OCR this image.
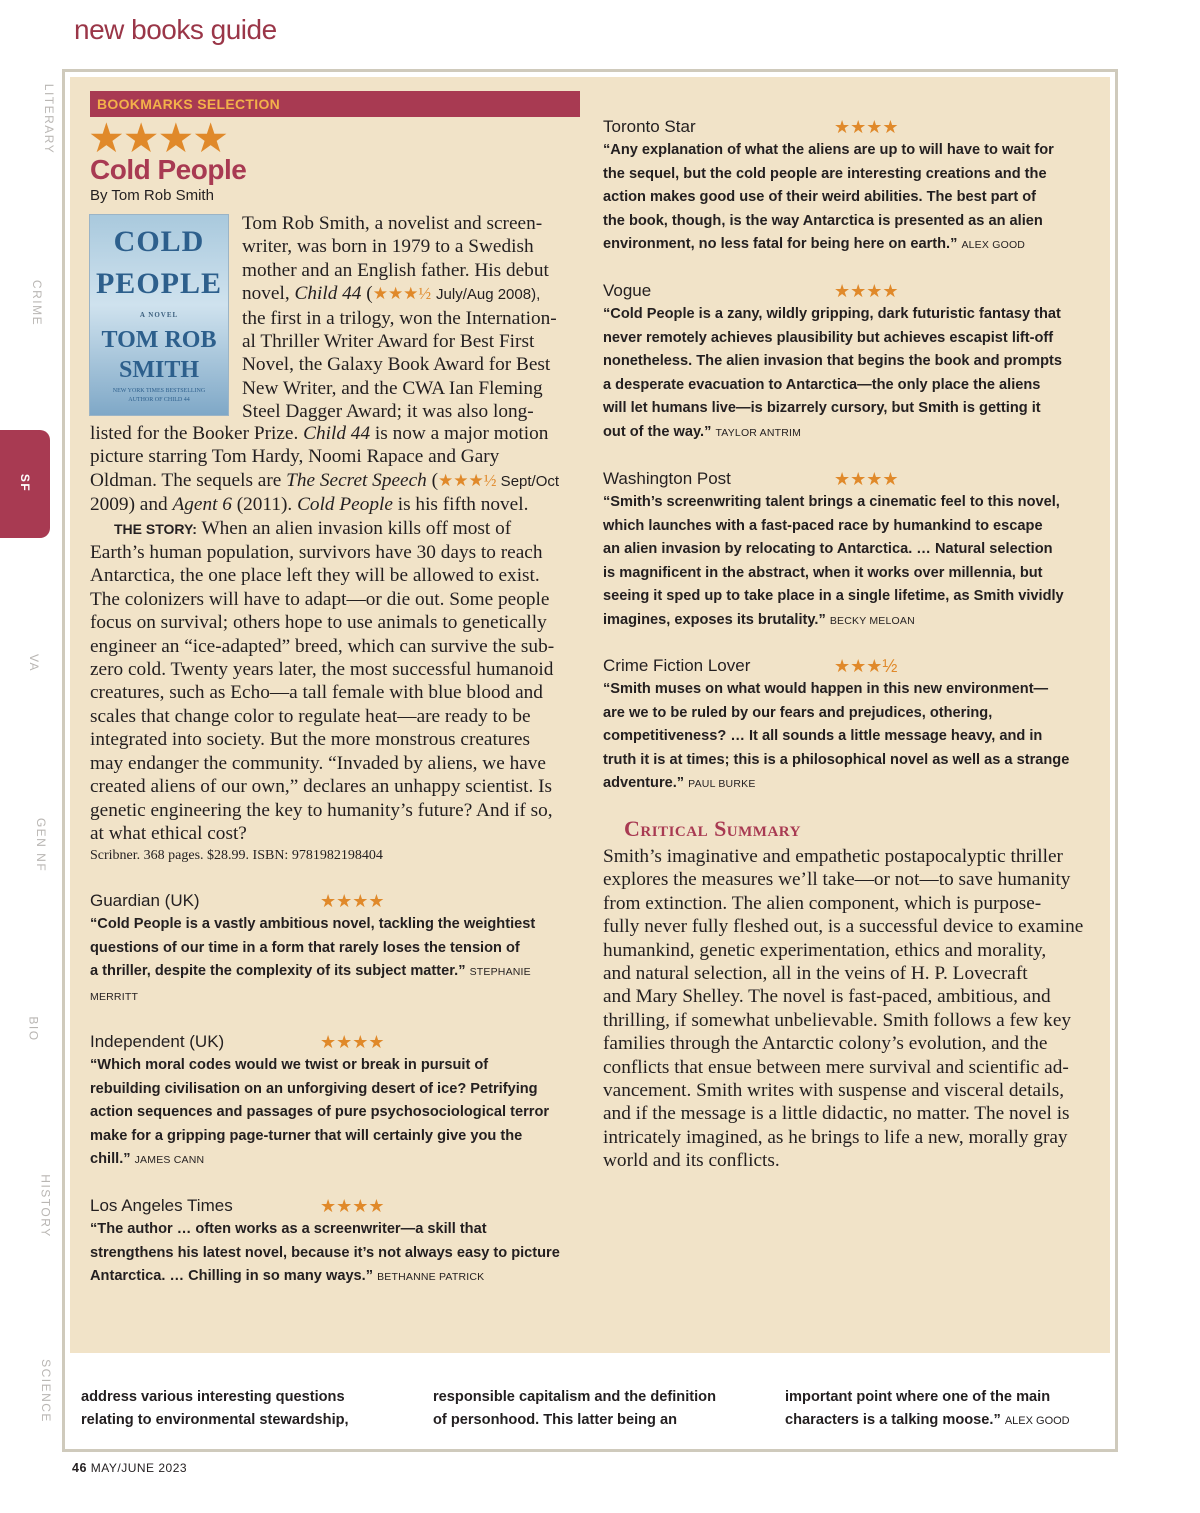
new books guide
LITERARY
CRIME
SF
VA
GEN NF
BIO
HISTORY
SCIENCE
BOOKMARKS SELECTION
★★★★
Cold People
By Tom Rob Smith
COLD
A NOVEL
PEOPLE
TOM ROB
SMITH
NEW YORK TIMES BESTSELLING
AUTHOR OF CHILD 44
Tom Rob Smith, a novelist and screen-
writer, was born in 1979 to a Swedish
mother and an English father. His debut
novel, Child 44 (★★★½ July/Aug 2008),
the first in a trilogy, won the Internation-
al Thriller Writer Award for Best First
Novel, the Galaxy Book Award for Best
New Writer, and the CWA Ian Fleming
Steel Dagger Award; it was also long-
listed for the Booker Prize. Child 44 is now a major motion
picture starring Tom Hardy, Noomi Rapace and Gary
Oldman. The sequels are The Secret Speech (★★★½ Sept/Oct
2009) and Agent 6 (2011). Cold People is his fifth novel.
THE STORY: When an alien invasion kills off most of
Earth’s human population, survivors have 30 days to reach
Antarctica, the one place left they will be allowed to exist.
The colonizers will have to adapt—or die out. Some people
focus on survival; others hope to use animals to genetically
engineer an “ice-adapted” breed, which can survive the sub-
zero cold. Twenty years later, the most successful humanoid
creatures, such as Echo—a tall female with blue blood and
scales that change color to regulate heat—are ready to be
integrated into society. But the more monstrous creatures
may endanger the community. “Invaded by aliens, we have
created aliens of our own,” declares an unhappy scientist. Is
genetic engineering the key to humanity’s future? And if so,
at what ethical cost?
Scribner. 368 pages. $28.99. ISBN: 9781982198404
Guardian (UK)	★★★★
“Cold People is a vastly ambitious novel, tackling the weightiest
questions of our time in a form that rarely loses the tension of
a thriller, despite the complexity of its subject matter.” STEPHANIE MERRITT
Independent (UK)	★★★★
“Which moral codes would we twist or break in pursuit of
rebuilding civilisation on an unforgiving desert of ice? Petrifying
action sequences and passages of pure psychosociological terror
make for a gripping page-turner that will certainly give you the
chill.” JAMES CANN
Los Angeles Times	★★★★
“The author … often works as a screenwriter—a skill that
strengthens his latest novel, because it’s not always easy to picture
Antarctica. … Chilling in so many ways.” BETHANNE PATRICK
Toronto Star	★★★★
“Any explanation of what the aliens are up to will have to wait for
the sequel, but the cold people are interesting creations and the
action makes good use of their weird abilities. The best part of
the book, though, is the way Antarctica is presented as an alien
environment, no less fatal for being here on earth.” ALEX GOOD
Vogue	★★★★
“Cold People is a zany, wildly gripping, dark futuristic fantasy that
never remotely achieves plausibility but achieves escapist lift-off
nonetheless. The alien invasion that begins the book and prompts
a desperate evacuation to Antarctica—the only place the aliens
will let humans live—is bizarrely cursory, but Smith is getting it
out of the way.” TAYLOR ANTRIM
Washington Post	★★★★
“Smith’s screenwriting talent brings a cinematic feel to this novel,
which launches with a fast-paced race by humankind to escape
an alien invasion by relocating to Antarctica. … Natural selection
is magnificent in the abstract, when it works over millennia, but
seeing it sped up to take place in a single lifetime, as Smith vividly
imagines, exposes its brutality.” BECKY MELOAN
Crime Fiction Lover	★★★½
“Smith muses on what would happen in this new environment—
are we to be ruled by our fears and prejudices, othering,
competitiveness? … It all sounds a little message heavy, and in
truth it is at times; this is a philosophical novel as well as a strange
adventure.” PAUL BURKE
Critical Summary
Smith’s imaginative and empathetic postapocalyptic thriller
explores the measures we’ll take—or not—to save humanity
from extinction. The alien component, which is purpose-
fully never fully fleshed out, is a successful device to examine
humankind, genetic experimentation, ethics and morality,
and natural selection, all in the veins of H. P. Lovecraft
and Mary Shelley. The novel is fast-paced, ambitious, and
thrilling, if somewhat unbelievable. Smith follows a few key
families through the Antarctic colony’s evolution, and the
conflicts that ensue between mere survival and scientific ad-
vancement. Smith writes with suspense and visceral details,
and if the message is a little didactic, no matter. The novel is
intricately imagined, as he brings to life a new, morally gray
world and its conflicts.
address various interesting questions
relating to environmental stewardship,
responsible capitalism and the definition
of personhood. This latter being an
important point where one of the main
characters is a talking moose.” ALEX GOOD
46 MAY/JUNE 2023
